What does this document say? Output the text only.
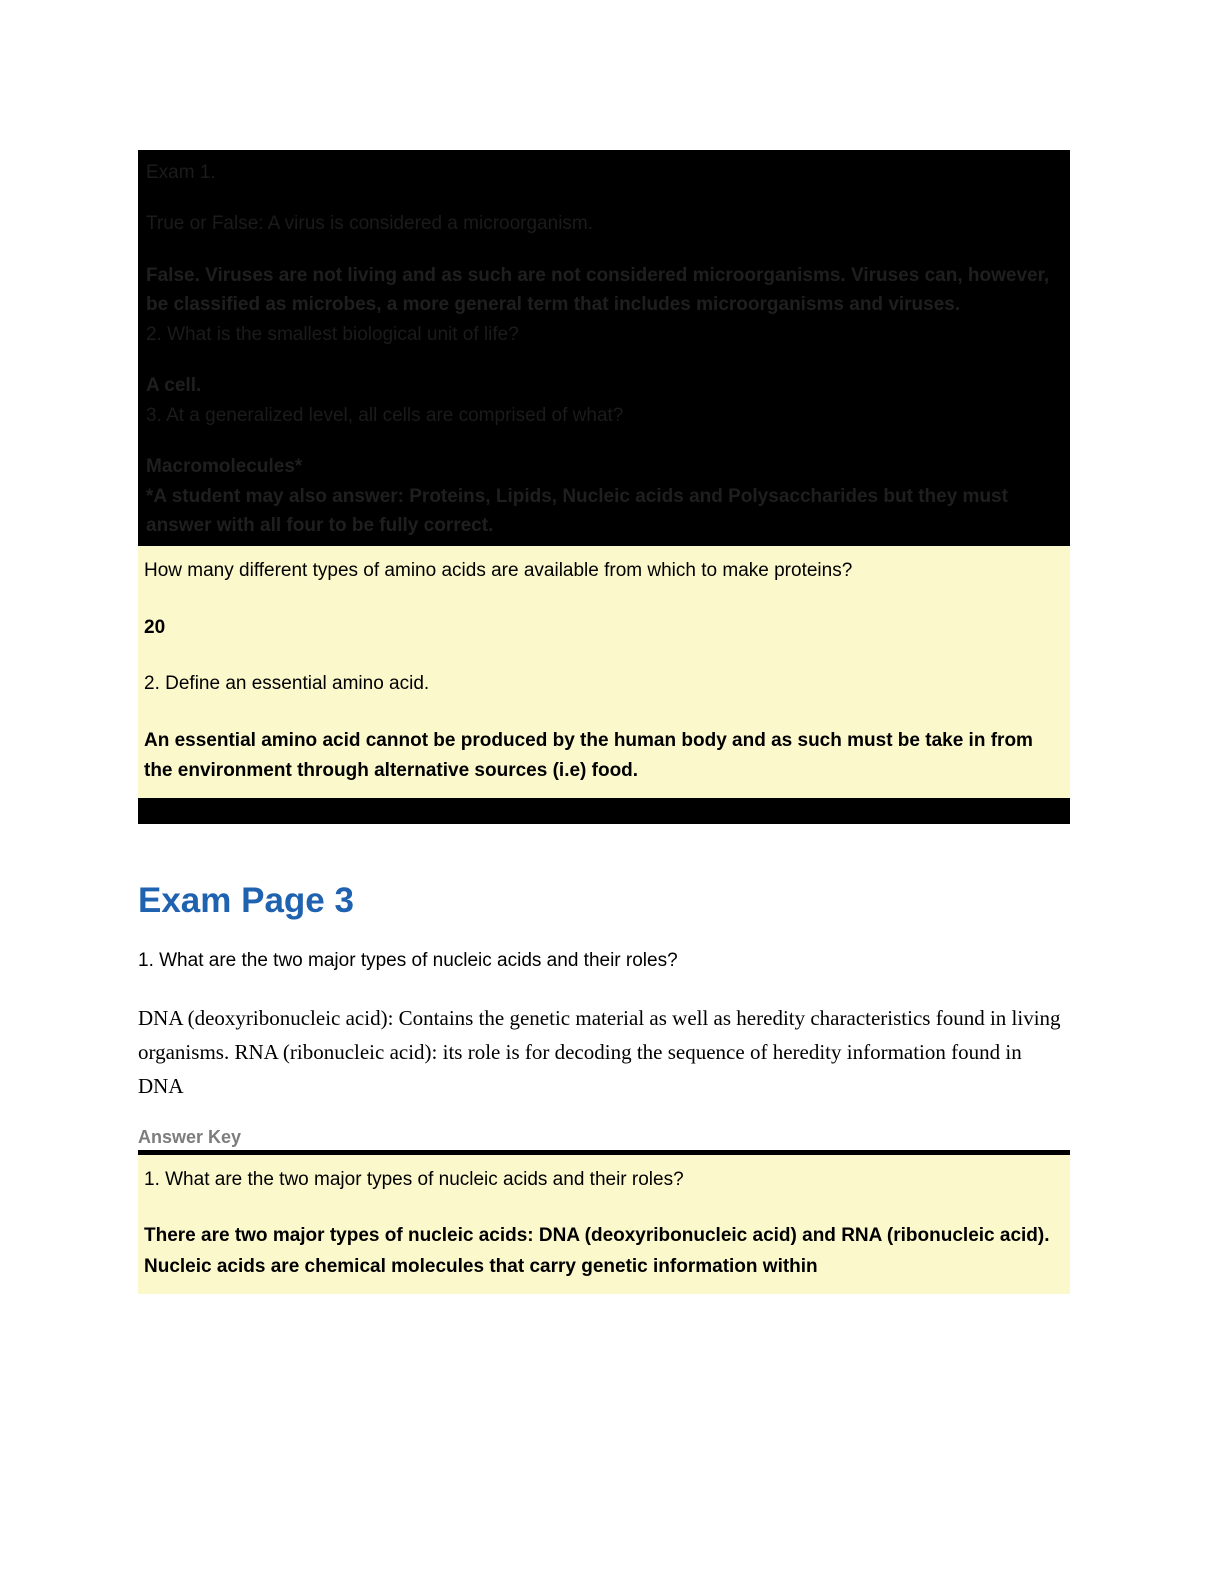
Exam 1.

True or False: A virus is considered a microorganism.

False. Viruses are not living and as such are not considered microorganisms. Viruses can, however, be classified as microbes, a more general term that includes microorganisms and viruses.

2. What is the smallest biological unit of life?

A cell.

3. At a generalized level, all cells are comprised of what?

Macromolecules*

*A student may also answer: Proteins, Lipids, Nucleic acids and Polysaccharides but they must answer with all four to be fully correct.

How many different types of amino acids are available from which to make proteins?

20

2. Define an essential amino acid.

An essential amino acid cannot be produced by the human body and as such must be take in from the environment through alternative sources (i.e) food.

Exam Page 3

1. What are the two major types of nucleic acids and their roles?

DNA (deoxyribonucleic acid): Contains the genetic material as well as heredity characteristics found in living organisms. RNA (ribonucleic acid): its role is for decoding the sequence of heredity information found in DNA

Answer Key

1. What are the two major types of nucleic acids and their roles?

There are two major types of nucleic acids: DNA (deoxyribonucleic acid) and RNA (ribonucleic acid). Nucleic acids are chemical molecules that carry genetic information within
